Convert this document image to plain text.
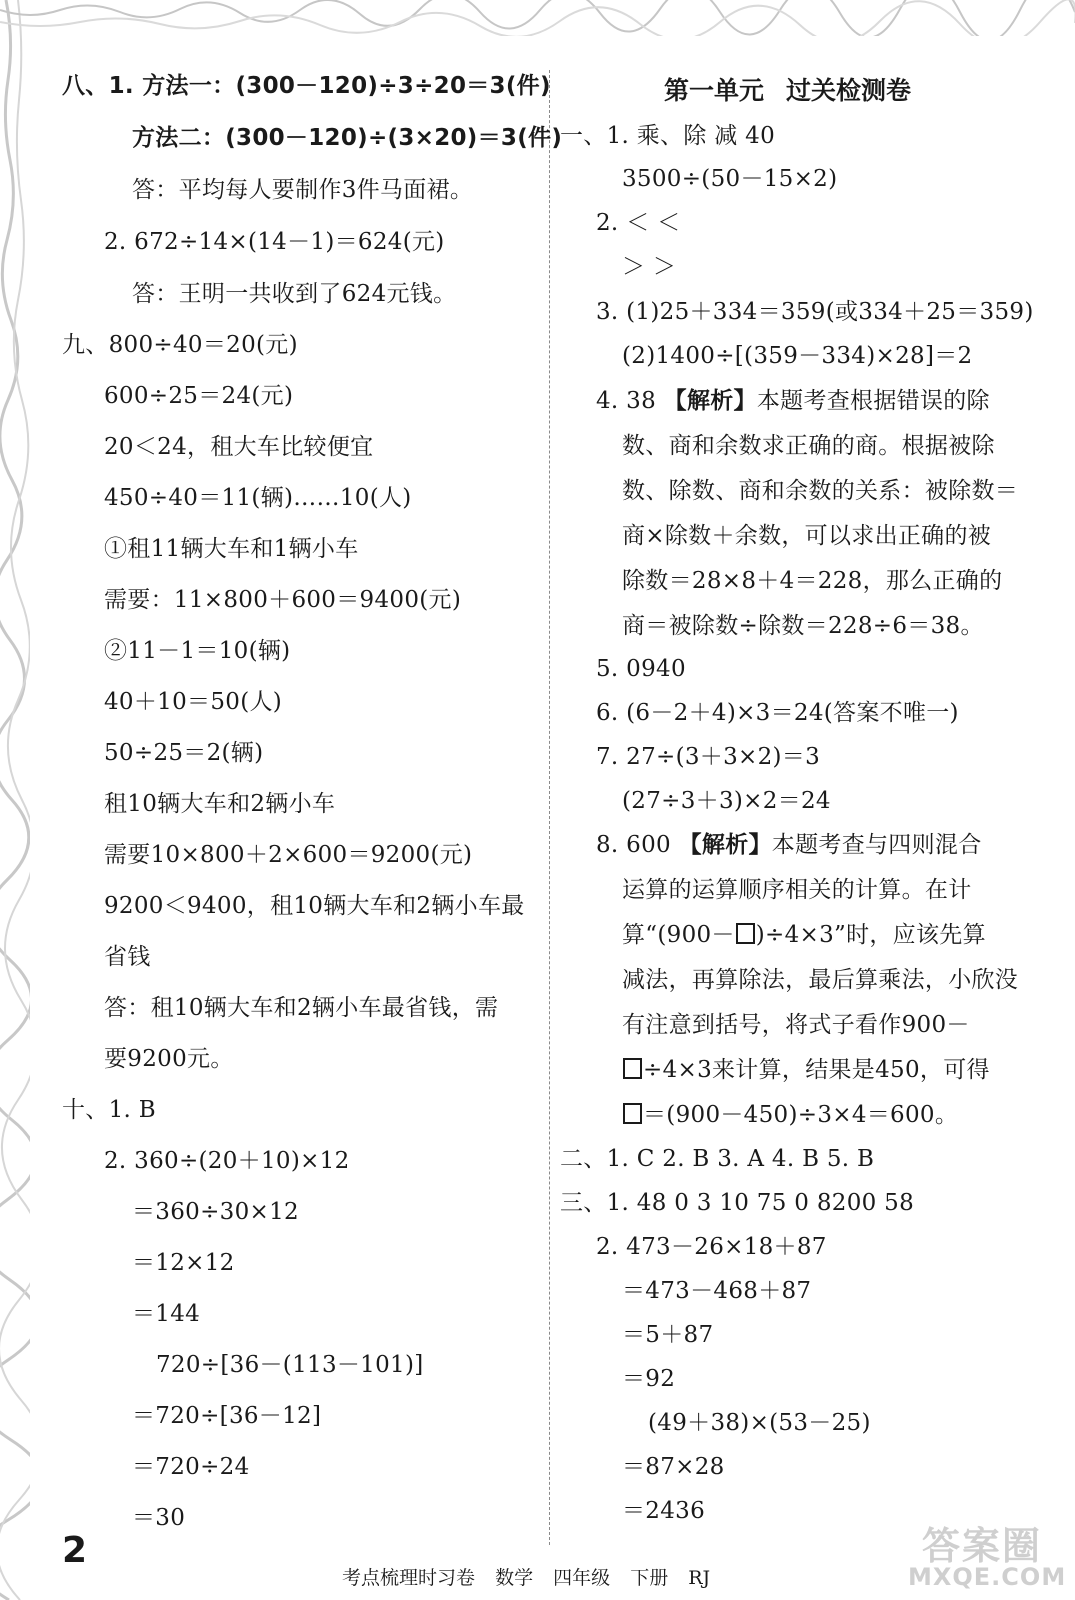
八、1. 方法一：(300－120)÷3÷20＝3(件)
方法二：(300－120)÷(3×20)＝3(件)
答：平均每人要制作3件马面裙。
2. 672÷14×(14－1)＝624(元)
答：王明一共收到了624元钱。
九、800÷40＝20(元)
600÷25＝24(元)
20＜24，租大车比较便宜
450÷40＝11(辆)……10(人)
①租11辆大车和1辆小车
需要：11×800＋600＝9400(元)
②11－1＝10(辆)
40＋10＝50(人)
50÷25＝2(辆)
租10辆大车和2辆小车
需要10×800＋2×600＝9200(元)
9200＜9400，租10辆大车和2辆小车最
省钱
答：租10辆大车和2辆小车最省钱，需
要9200元。
十、1. B
2. 360÷(20＋10)×12
＝360÷30×12
＝12×12
＝144
720÷[36－(113－101)]
＝720÷[36－12]
＝720÷24
＝30
第一单元 过关检测卷
一、1. 乘、除 减 40
3500÷(50－15×2)
2. ＜ ＜
＞ ＞
3. (1)25＋334＝359(或334＋25＝359)
(2)1400÷[(359－334)×28]＝2
4. 38 【解析】本题考查根据错误的除
数、商和余数求正确的商。根据被除
数、除数、商和余数的关系：被除数＝
商×除数＋余数，可以求出正确的被
除数＝28×8＋4＝228，那么正确的
商＝被除数÷除数＝228÷6＝38。
5. 0940
6. (6－2＋4)×3＝24(答案不唯一)
7. 27÷(3＋3×2)＝3
(27÷3＋3)×2＝24
8. 600 【解析】本题考查与四则混合
运算的运算顺序相关的计算。在计
算“(900－ )÷4×3”时，应该先算
减法，再算除法，最后算乘法，小欣没
有注意到括号，将式子看作900－
÷4×3来计算，结果是450，可得
＝(900－450)÷3×4＝600。
二、1. C 2. B 3. A 4. B 5. B
三、1. 48 0 3 10 75 0 8200 58
2. 473－26×18＋87
＝473－468＋87
＝5＋87
＝92
(49＋38)×(53－25)
＝87×28
＝2436
2
考点梳理时习卷 数学 四年级 下册 RJ
答案圈
MXQE.COM
